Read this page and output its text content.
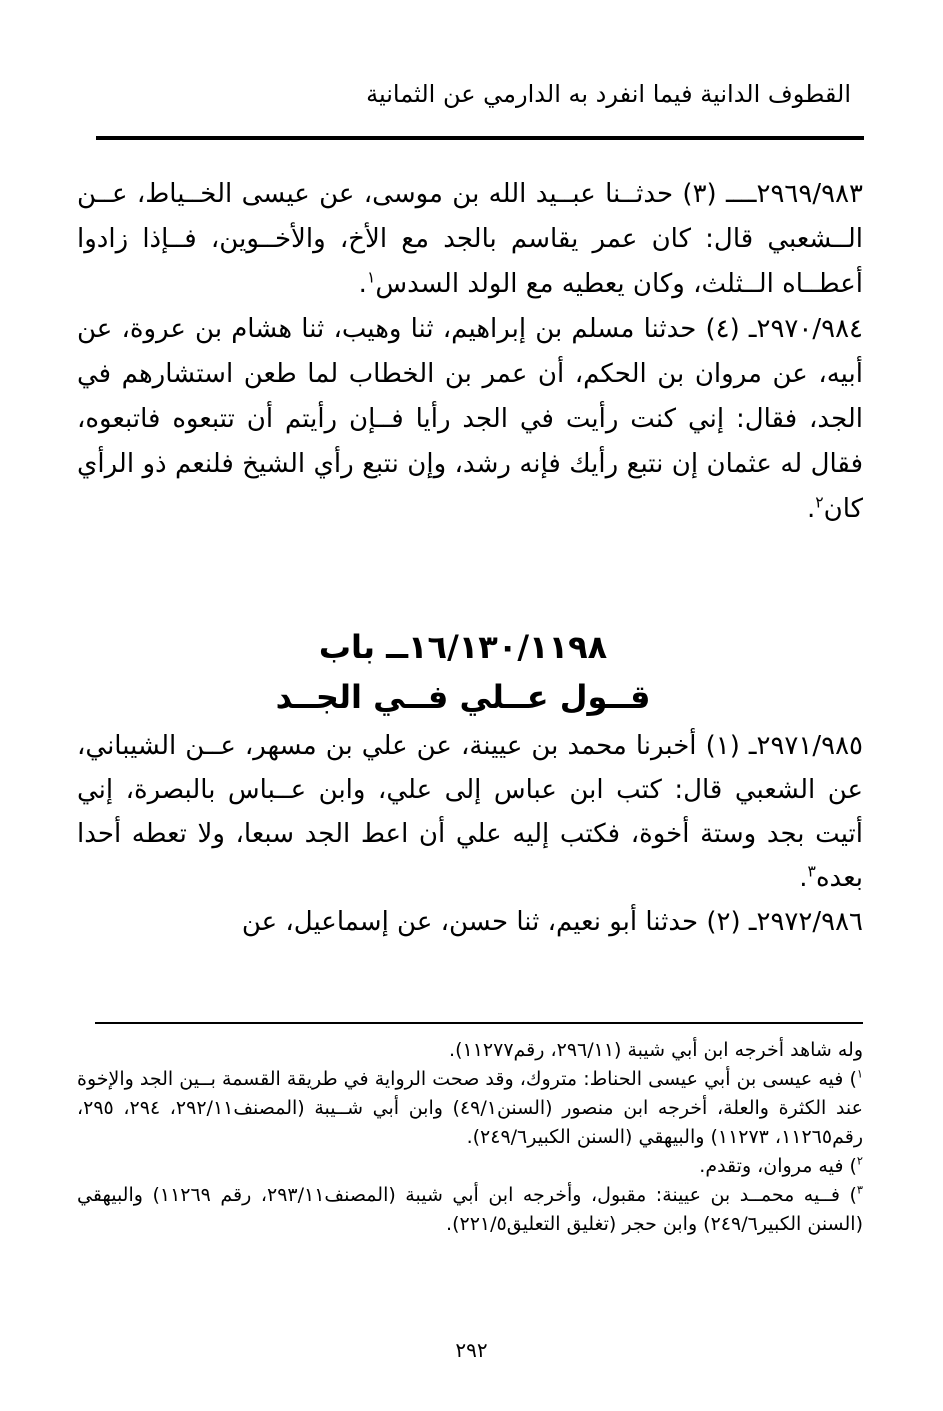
القطوف الدانية فيما انفرد به الدارمي عن الثمانية

٢٩٦٩/٩٨٣ــــ (٣) حدثــنا عبــيد الله بن موسى، عن عيسى الخــياط، عــن الــشعبي قال: كان عمر يقاسم بالجد مع الأخ، والأخــوين، فــإذا زادوا أعطــاه الــثلث، وكان يعطيه مع الولد السدس$^١$.

٢٩٧٠/٩٨٤ـ (٤) حدثنا مسلم بن إبراهيم، ثنا وهيب، ثنا هشام بن عروة، عن أبيه، عن مروان بن الحكم، أن عمر بن الخطاب لما طعن استشارهم في الجد، فقال: إني كنت رأيت في الجد رأيا فــإن رأيتم أن تتبعوه فاتبعوه، فقال له عثمان إن نتبع رأيك فإنه رشد، وإن نتبع رأي الشيخ فلنعم ذو الرأي كان$^٢$.

١٦/١٣٠/١١٩٨ــ باب
قــول عــلي فــي الجــد

٢٩٧١/٩٨٥ـ (١) أخبرنا محمد بن عيينة، عن علي بن مسهر، عــن الشيباني، عن الشعبي قال: كتب ابن عباس إلى علي، وابن عــباس بالبصرة، إني أتيت بجد وستة أخوة، فكتب إليه علي أن اعط الجد سبعا، ولا تعطه أحدا بعده$^٣$.

٢٩٧٢/٩٨٦ـ (٢) حدثنا أبو نعيم، ثنا حسن، عن إسماعيل، عن

وله شاهد أخرجه ابن أبي شيبة (٢٩٦/١١، رقم١١٢٧٧).

$^١$) فيه عيسى بن أبي عيسى الحناط: متروك، وقد صحت الرواية في طريقة القسمة بــين الجد والإخوة عند الكثرة والعلة، أخرجه ابن منصور (السنن٤٩/١) وابن أبي شــيبة (المصنف٢٩٢/١١، ٢٩٤، ٢٩٥، رقم١١٢٦٥، ١١٢٧٣) والبيهقي (السنن الكبير٢٤٩/٦).

$^٢$) فيه مروان، وتقدم.

$^٣$) فــيه محمــد بن عيينة: مقبول، وأخرجه ابن أبي شيبة (المصنف٢٩٣/١١، رقم ١١٢٦٩) والبيهقي (السنن الكبير٢٤٩/٦) وابن حجر (تغليق التعليق٢٢١/٥).

٢٩٢
